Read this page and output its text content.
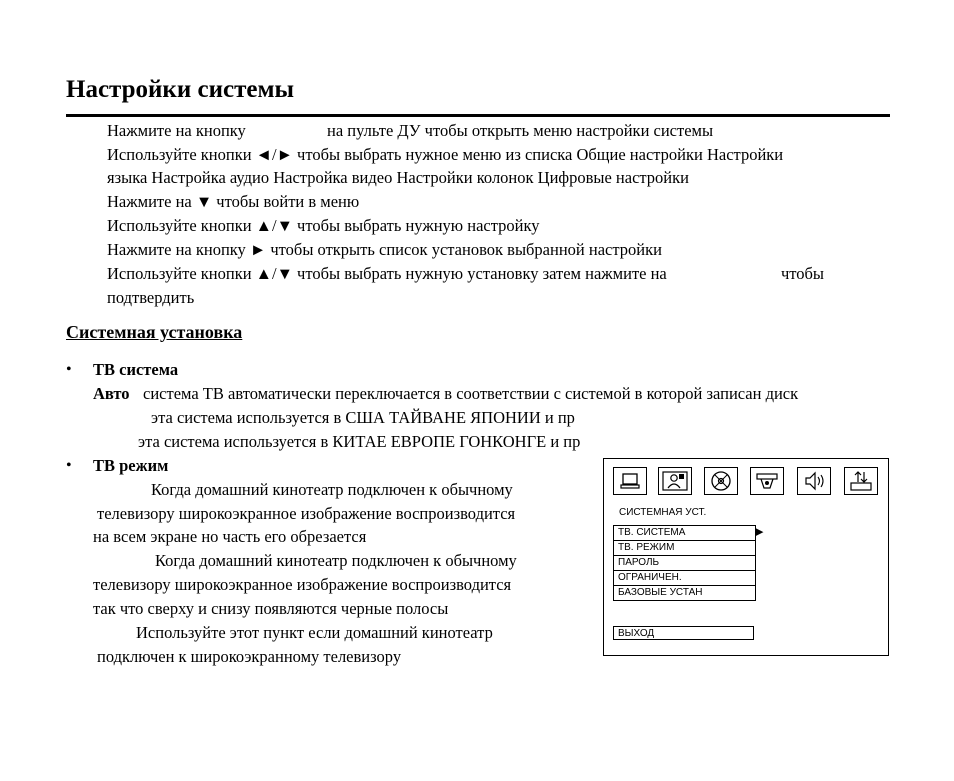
Настройки системы
Нажмите на кнопку	на пульте ДУ чтобы открыть меню настройки системы
Используйте кнопки ◄/► чтобы выбрать нужное меню из списка Общие настройки Настройки
языка Настройка аудио Настройка видео Настройки колонок Цифровые настройки
Нажмите на ▼ чтобы войти в меню
Используйте кнопки ▲/▼ чтобы выбрать нужную настройку
Нажмите на кнопку ► чтобы открыть список установок выбранной настройки
Используйте кнопки ▲/▼ чтобы выбрать нужную установку затем нажмите на	чтобы
подтвердить
Системная установка
• ТВ система
Авто система ТВ автоматически переключается в соответствии с системой в которой записан диск
эта система используется в США ТАЙВАНЕ ЯПОНИИ и пр
эта система используется в КИТАЕ ЕВРОПЕ ГОНКОНГЕ и пр
• ТВ режим
Когда домашний кинотеатр подключен к обычному
телевизору широкоэкранное изображение воспроизводится
на всем экране но часть его обрезается
Когда домашний кинотеатр подключен к обычному
телевизору широкоэкранное изображение воспроизводится
так что сверху и снизу появляются черные полосы
Используйте этот пункт если домашний кинотеатр
подключен к широкоэкранному телевизору
СИСТЕМНАЯ УСТ.
ТВ. СИСТЕМА
ТВ. РЕЖИМ
ПАРОЛЬ
ОГРАНИЧЕН.
БАЗОВЫЕ УСТАН
▶
ВЫХОД
